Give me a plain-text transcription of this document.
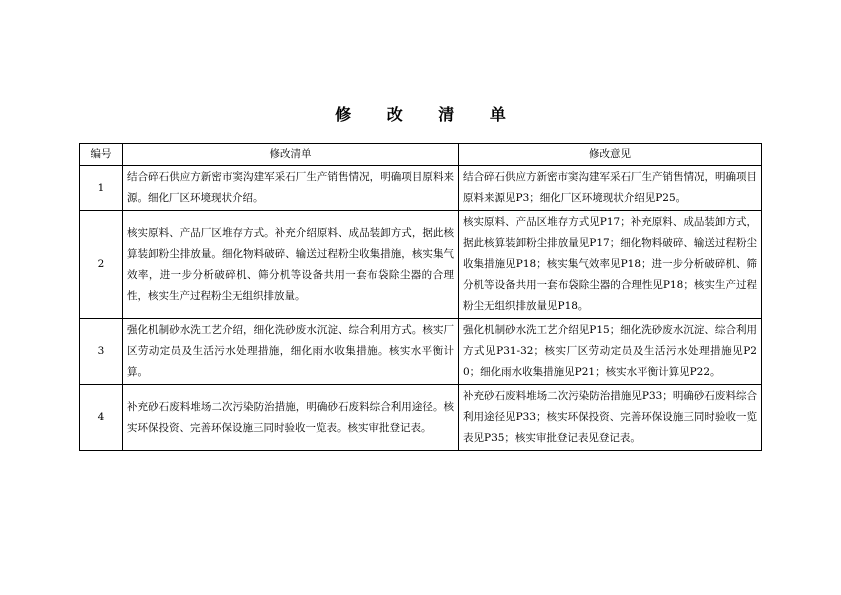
修 改 清 单
编号	修改清单	修改意见
1	结合碎石供应方新密市窦沟建军采石厂生产销售情况，明确项目原料来源。细化厂区环境现状介绍。	结合碎石供应方新密市窦沟建军采石厂生产销售情况，明确项目原料来源见P3；细化厂区环境现状介绍见P25。
2	核实原料、产品厂区堆存方式。补充介绍原料、成品装卸方式，据此核算装卸粉尘排放量。细化物料破碎、输送过程粉尘收集措施，核实集气效率，进一步分析破碎机、筛分机等设备共用一套布袋除尘器的合理性，核实生产过程粉尘无组织排放量。	核实原料、产品区堆存方式见P17；补充原料、成品装卸方式，据此核算装卸粉尘排放量见P17；细化物料破碎、输送过程粉尘收集措施见P18；核实集气效率见P18；进一步分析破碎机、筛分机等设备共用一套布袋除尘器的合理性见P18；核实生产过程粉尘无组织排放量见P18。
3	强化机制砂水洗工艺介绍，细化洗砂废水沉淀、综合利用方式。核实厂区劳动定员及生活污水处理措施，细化雨水收集措施。核实水平衡计算。	强化机制砂水洗工艺介绍见P15；细化洗砂废水沉淀、综合利用方式见P31-32；核实厂区劳动定员及生活污水处理措施见P20；细化雨水收集措施见P21；核实水平衡计算见P22。
4	补充砂石废料堆场二次污染防治措施，明确砂石废料综合利用途径。核实环保投资、完善环保设施三同时验收一览表。核实审批登记表。	补充砂石废料堆场二次污染防治措施见P33；明确砂石废料综合利用途径见P33；核实环保投资、完善环保设施三同时验收一览表见P35；核实审批登记表见登记表。
